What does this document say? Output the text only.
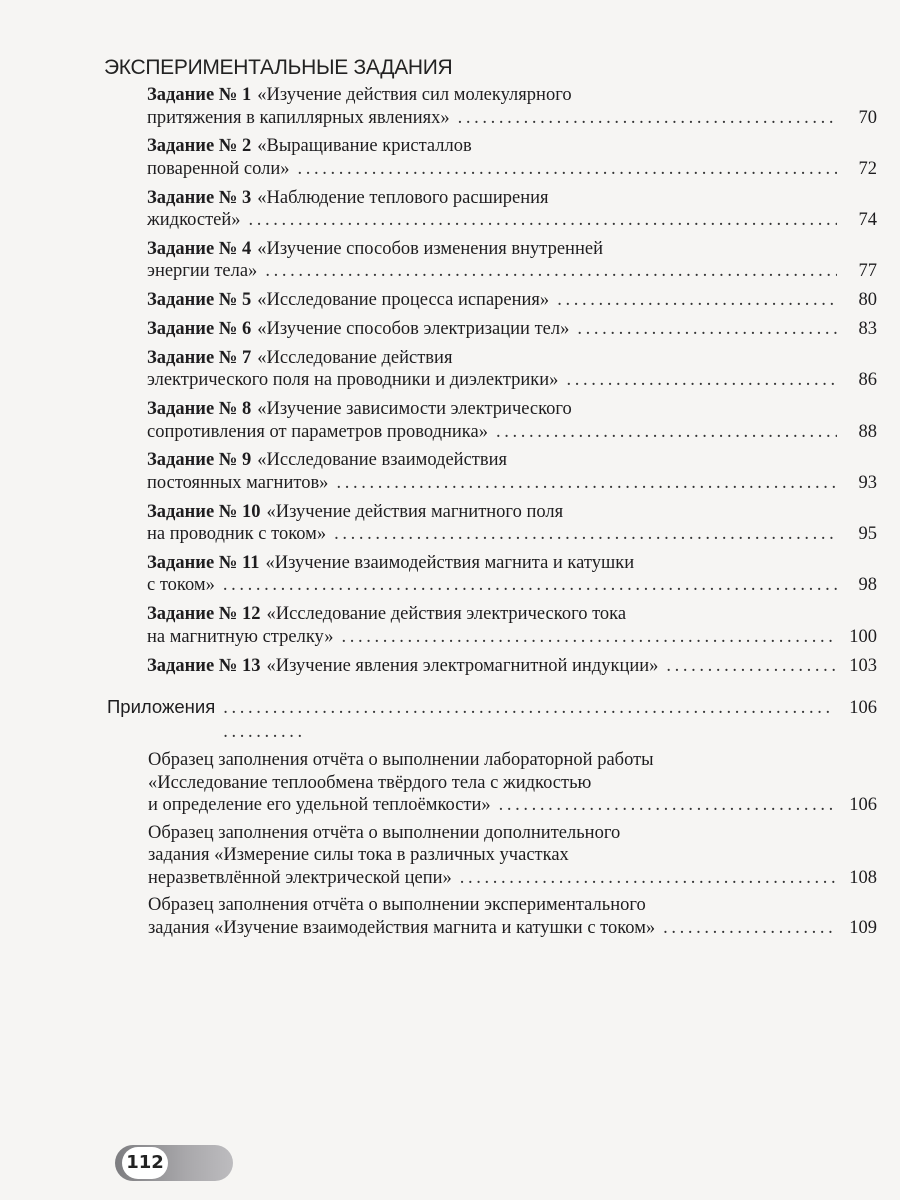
ЭКСПЕРИМЕНТАЛЬНЫЕ ЗАДАНИЯ
Задание № 1 «Изучение действия сил молекулярного
притяжения в капиллярных явлениях» . . .	70
Задание № 2 «Выращивание кристаллов
поваренной соли» . . .	72
Задание № 3 «Наблюдение теплового расширения
жидкостей» . . .	74
Задание № 4 «Изучение способов изменения внутренней
энергии тела» . . .	77
Задание № 5 «Исследование процесса испарения» . . .	80
Задание № 6 «Изучение способов электризации тел» . . .	83
Задание № 7 «Исследование действия
электрического поля на проводники и диэлектрики» . . .	86
Задание № 8 «Изучение зависимости электрического
сопротивления от параметров проводника» . . .	88
Задание № 9 «Исследование взаимодействия
постоянных магнитов» . . .	93
Задание № 10 «Изучение действия магнитного поля
на проводник с током» . . .	95
Задание № 11 «Изучение взаимодействия магнита и катушки
с током» . . .	98
Задание № 12 «Исследование действия электрического тока
на магнитную стрелку» . . .	100
Задание № 13 «Изучение явления электромагнитной индукции» . . .	103
Приложения . . .	106
Образец заполнения отчёта о выполнении лабораторной работы
«Исследование теплообмена твёрдого тела с жидкостью
и определение его удельной теплоёмкости» . . .	106
Образец заполнения отчёта о выполнении дополнительного
задания «Измерение силы тока в различных участках
неразветвлённой электрической цепи» . . .	108
Образец заполнения отчёта о выполнении экспериментального
задания «Изучение взаимодействия магнита и катушки с током» . . .	109
112
